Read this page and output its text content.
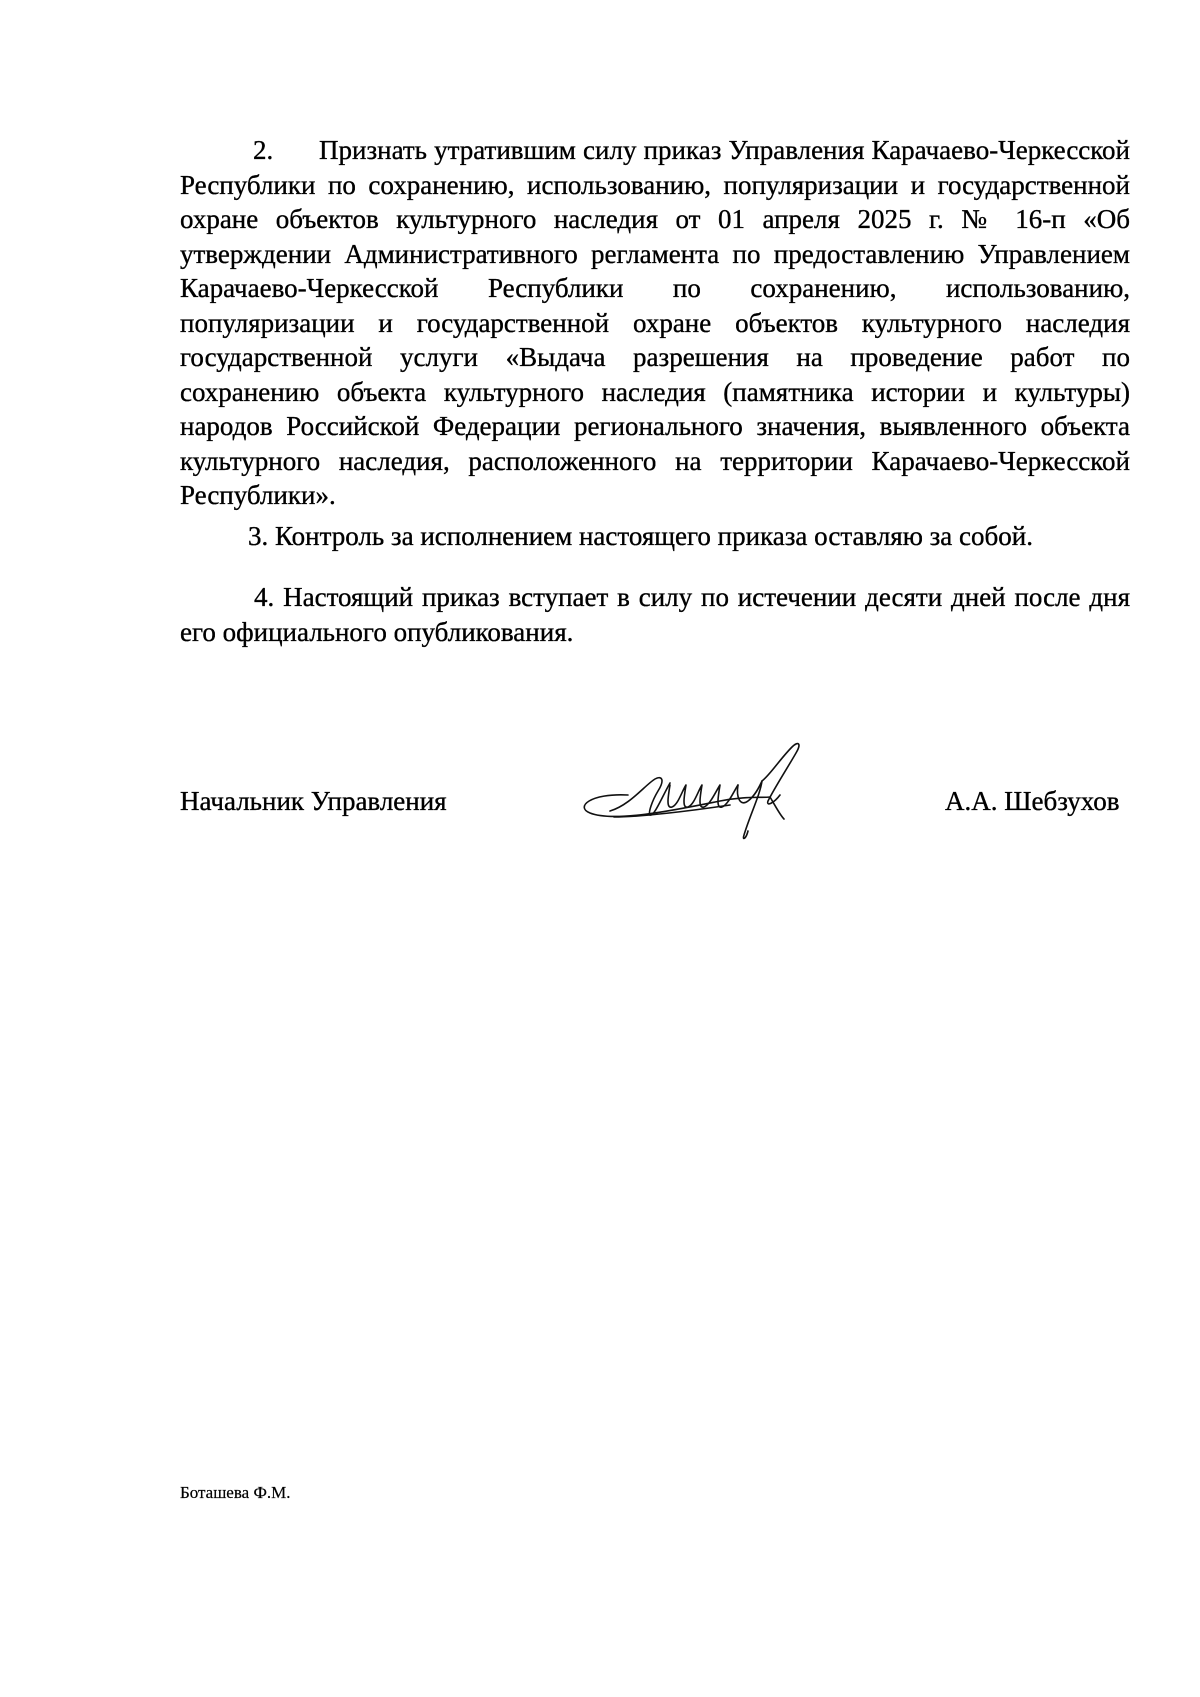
2. Признать утратившим силу приказ Управления Карачаево-Черкесской Республики по сохранению, использованию, популяризации и государственной охране объектов культурного наследия от 01 апреля 2025 г. № 16-п «Об утверждении Административного регламента по предоставлению Управлением Карачаево-Черкесской Республики по сохранению, использованию, популяризации и государственной охране объектов культурного наследия государственной услуги «Выдача разрешения на проведение работ по сохранению объекта культурного наследия (памятника истории и культуры) народов Российской Федерации регионального значения, выявленного объекта культурного наследия, расположенного на территории Карачаево-Черкесской Республики».

3. Контроль за исполнением настоящего приказа оставляю за собой.

4. Настоящий приказ вступает в силу по истечении десяти дней после дня его официального опубликования.

Начальник Управления	А.А. Шебзухов
Боташева Ф.М.
